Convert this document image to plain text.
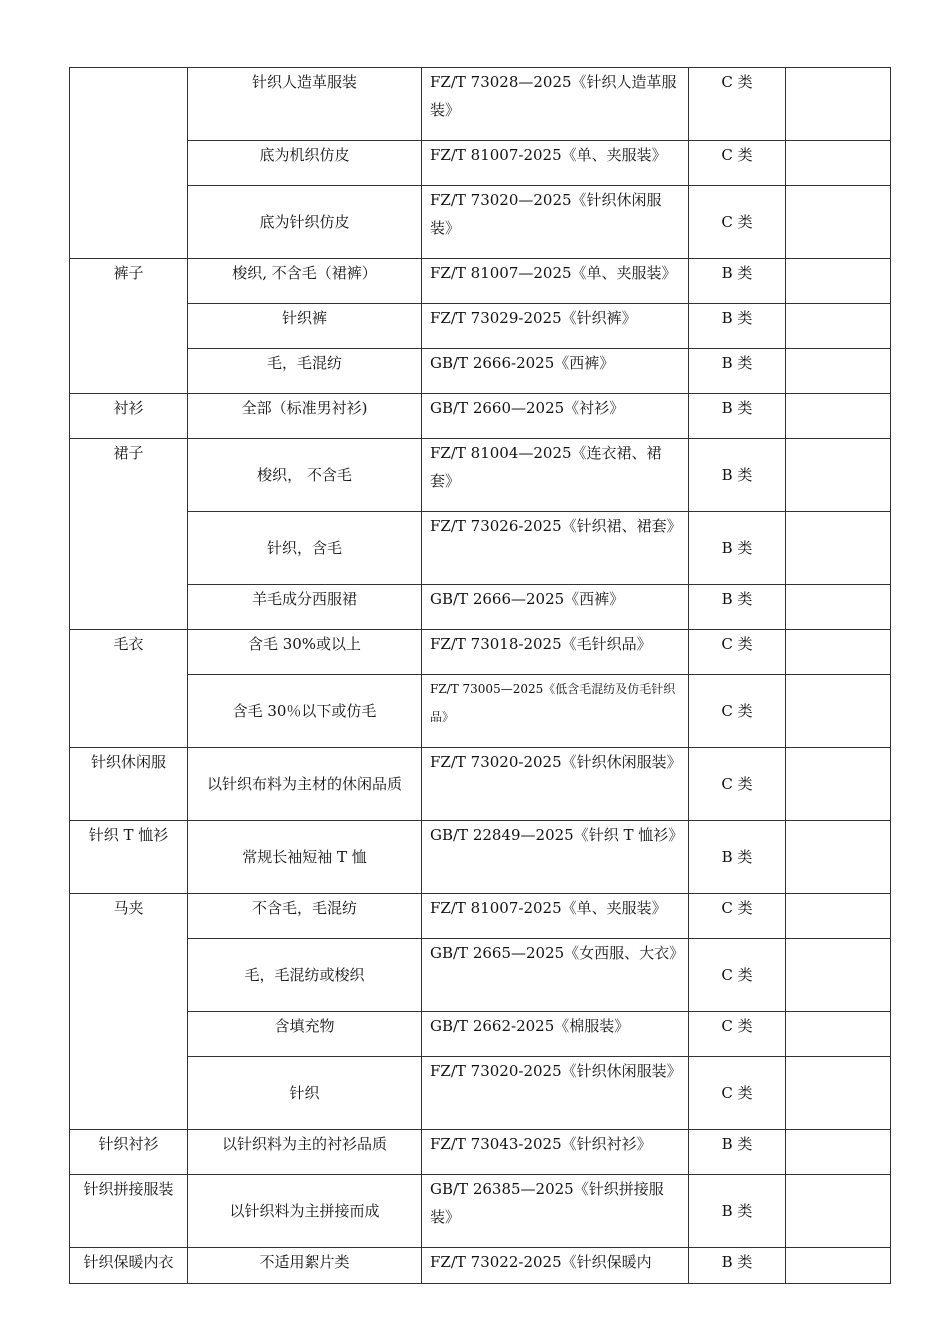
	针织人造革服装	FZ/T 73028—2025《针织人造革服装》	C 类	
	底为机织仿皮	FZ/T 81007-2025《单、夹服装》	C 类	
	底为针织仿皮	FZ/T 73020—2025《针织休闲服装》	C 类	
裤子	梭织, 不含毛（裙裤）	FZ/T 81007—2025《单、夹服装》	B 类	
	针织裤	FZ/T 73029-2025《针织裤》	B 类	
	毛，毛混纺	GB/T 2666-2025《西裤》	B 类	
衬衫	全部（标准男衬衫)	GB/T 2660—2025《衬衫》	B 类	
裙子	梭织， 不含毛	FZ/T 81004—2025《连衣裙、裙套》	B 类	
	针织，含毛	FZ/T 73026-2025《针织裙、裙套》	B 类	
	羊毛成分西服裙	GB/T 2666—2025《西裤》	B 类	
毛衣	含毛 30%或以上	FZ/T 73018-2025《毛针织品》	C 类	
	含毛 30％以下或仿毛	FZ/T 73005—2025《低含毛混纺及仿毛针织品》	C 类	
针织休闲服	以针织布料为主材的休闲品质	FZ/T 73020-2025《针织休闲服装》	C 类	
针织 T 恤衫	常规长袖短袖 T 恤	GB/T 22849—2025《针织 T 恤衫》	B 类	
马夹	不含毛，毛混纺	FZ/T 81007-2025《单、夹服装》	C 类	
	毛，毛混纺或梭织	GB/T 2665—2025《女西服、大衣》	C 类	
	含填充物	GB/T 2662-2025《棉服装》	C 类	
	针织	FZ/T 73020-2025《针织休闲服装》	C 类	
针织衬衫	以针织料为主的衬衫品质	FZ/T 73043-2025《针织衬衫》	B 类	
针织拼接服装	以针织料为主拼接而成	GB/T 26385—2025《针织拼接服装》	B 类	
针织保暖内衣	不适用絮片类	FZ/T 73022-2025《针织保暖内	B 类	
